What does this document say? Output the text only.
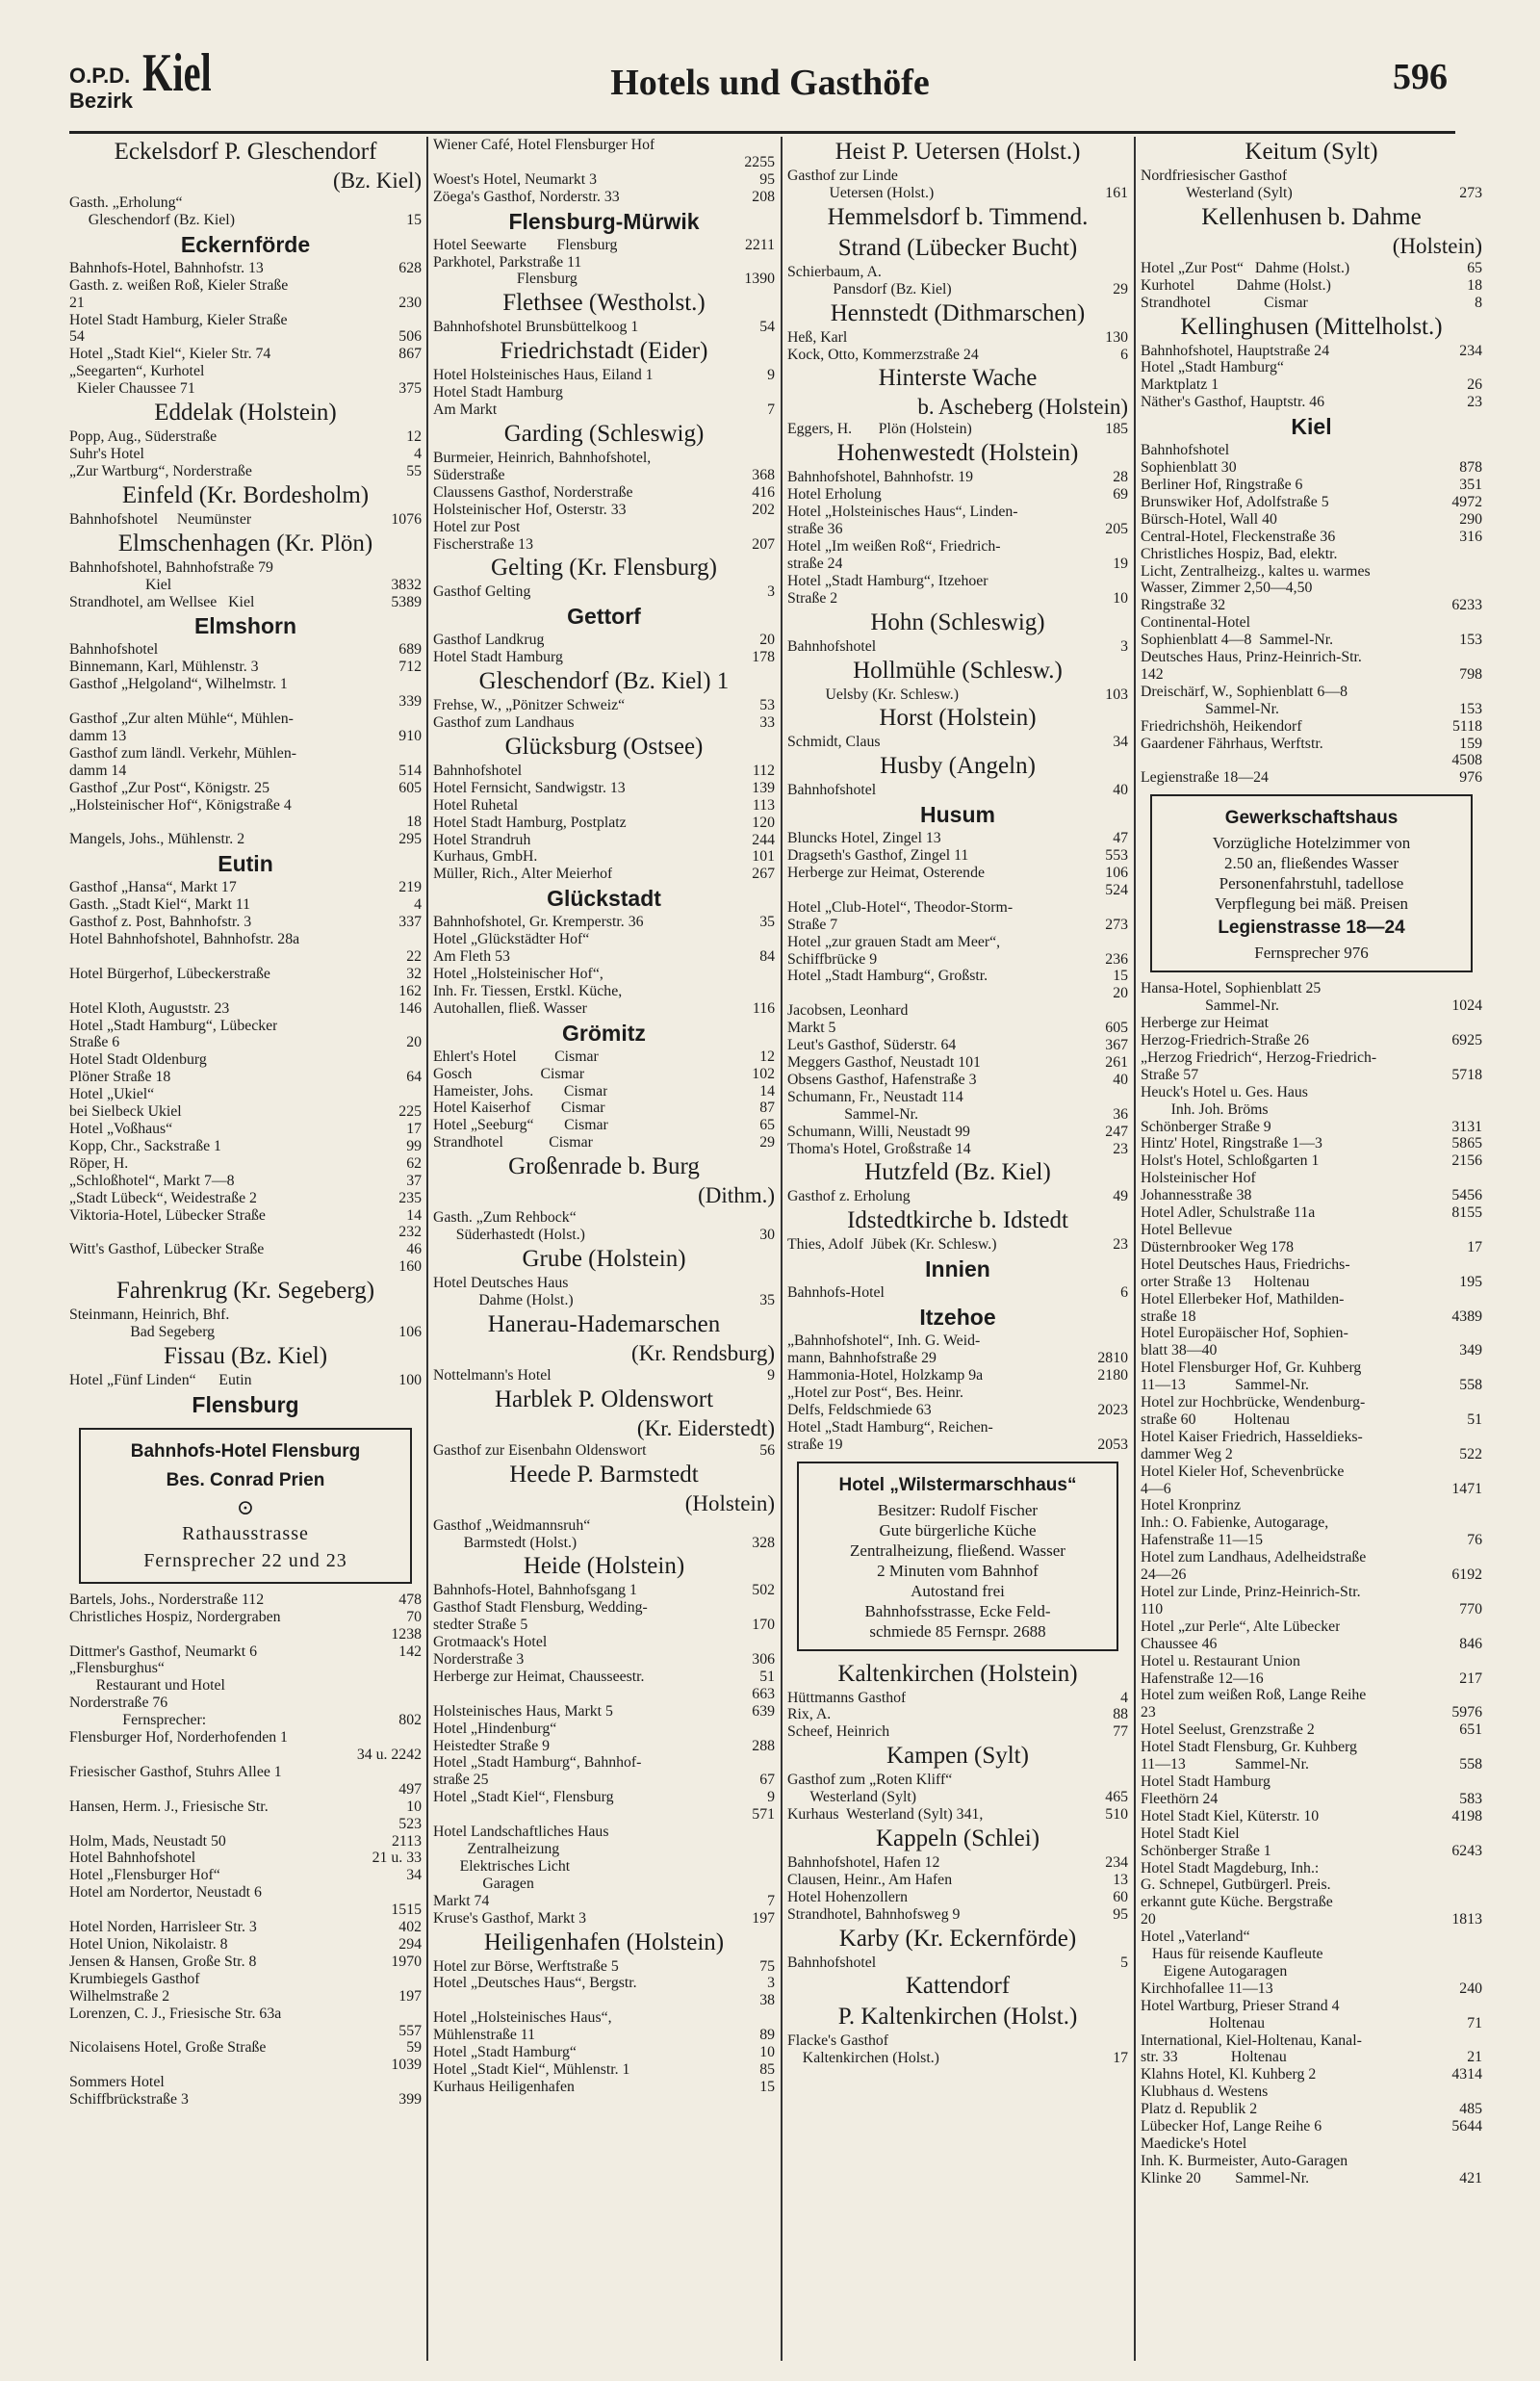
O.P.D.
Bezirk Kiel	Hotels und Gasthöfe	596
Eckelsdorf P. Gleschendorf
(Bz. Kiel)
Gasth. „Erholung“
Gleschendorf (Bz. Kiel)	15
Eckernförde
Bahnhofs-Hotel, Bahnhofstr. 13	628
Gasth. z. weißen Roß, Kieler Straße
21	230
Hotel Stadt Hamburg, Kieler Straße
54	506
Hotel „Stadt Kiel“, Kieler Str. 74	867
„Seegarten“, Kurhotel
Kieler Chaussee 71	375
Eddelak (Holstein)
Popp, Aug., Süderstraße	12
Suhr's Hotel	4
„Zur Wartburg“, Norderstraße	55
Einfeld (Kr. Bordesholm)
Bahnhofshotel     Neumünster	1076
Elmschenhagen (Kr. Plön)
Bahnhofshotel, Bahnhofstraße 79
Kiel	3832
Strandhotel, am Wellsee   Kiel	5389
Elmshorn
Bahnhofshotel	689
Binnemann, Karl, Mühlenstr. 3	712
Gasthof „Helgoland“, Wilhelmstr. 1
339
Gasthof „Zur alten Mühle“, Mühlen-
damm 13	910
Gasthof zum ländl. Verkehr, Mühlen-
damm 14	514
Gasthof „Zur Post“, Königstr. 25	605
„Holsteinischer Hof“, Königstraße 4
18
Mangels, Johs., Mühlenstr. 2	295
Eutin
Gasthof „Hansa“, Markt 17	219
Gasth. „Stadt Kiel“, Markt 11	4
Gasthof z. Post, Bahnhofstr. 3	337
Hotel Bahnhofshotel, Bahnhofstr. 28a
22
Hotel Bürgerhof, Lübeckerstraße	32
162
Hotel Kloth, Auguststr. 23	146
Hotel „Stadt Hamburg“, Lübecker
Straße 6	20
Hotel Stadt Oldenburg
Plöner Straße 18	64
Hotel „Ukiel“
bei Sielbeck Ukiel	225
Hotel „Voßhaus“	17
Kopp, Chr., Sackstraße 1	99
Röper, H.	62
„Schloßhotel“, Markt 7—8	37
„Stadt Lübeck“, Weidestraße 2	235
Viktoria-Hotel, Lübecker Straße	14
232
Witt's Gasthof, Lübecker Straße	46
160
Fahrenkrug (Kr. Segeberg)
Steinmann, Heinrich, Bhf.
Bad Segeberg	106
Fissau (Bz. Kiel)
Hotel „Fünf Linden“      Eutin	100
Flensburg
Bahnhofs-Hotel Flensburg
Bes. Conrad Prien
⊙
Rathausstrasse
Fernsprecher 22 und 23
Bartels, Johs., Norderstraße 112	478
Christliches Hospiz, Nordergraben	70
1238
Dittmer's Gasthof, Neumarkt 6	142
„Flensburghus“
Restaurant und Hotel
Norderstraße 76
Fernsprecher:	802
Flensburger Hof, Norderhofenden 1
34 u. 2242
Friesischer Gasthof, Stuhrs Allee 1
497
Hansen, Herm. J., Friesische Str.	10
523
Holm, Mads, Neustadt 50	2113
Hotel Bahnhofshotel	21 u. 33
Hotel „Flensburger Hof“	34
Hotel am Nordertor, Neustadt 6
1515
Hotel Norden, Harrisleer Str. 3	402
Hotel Union, Nikolaistr. 8	294
Jensen & Hansen, Große Str. 8	1970
Krumbiegels Gasthof
Wilhelmstraße 2	197
Lorenzen, C. J., Friesische Str. 63a
557
Nicolaisens Hotel, Große Straße	59
1039
Sommers Hotel
Schiffbrückstraße 3	399
Wiener Café, Hotel Flensburger Hof
2255
Woest's Hotel, Neumarkt 3	95
Zöega's Gasthof, Norderstr. 33	208
Flensburg-Mürwik
Hotel Seewarte        Flensburg	2211
Parkhotel, Parkstraße 11
Flensburg	1390
Flethsee (Westholst.)
Bahnhofshotel Brunsbüttelkoog 1	54
Friedrichstadt (Eider)
Hotel Holsteinisches Haus, Eiland 1	9
Hotel Stadt Hamburg
Am Markt	7
Garding (Schleswig)
Burmeier, Heinrich, Bahnhofshotel,
Süderstraße	368
Claussens Gasthof, Norderstraße	416
Holsteinischer Hof, Osterstr. 33	202
Hotel zur Post
Fischerstraße 13	207
Gelting (Kr. Flensburg)
Gasthof Gelting	3
Gettorf
Gasthof Landkrug	20
Hotel Stadt Hamburg	178
Gleschendorf (Bz. Kiel) 1
Frehse, W., „Pönitzer Schweiz“	53
Gasthof zum Landhaus	33
Glücksburg (Ostsee)
Bahnhofshotel	112
Hotel Fernsicht, Sandwigstr. 13	139
Hotel Ruhetal	113
Hotel Stadt Hamburg, Postplatz	120
Hotel Strandruh	244
Kurhaus, GmbH.	101
Müller, Rich., Alter Meierhof	267
Glückstadt
Bahnhofshotel, Gr. Kremperstr. 36	35
Hotel „Glückstädter Hof“
Am Fleth 53	84
Hotel „Holsteinischer Hof“,
Inh. Fr. Tiessen, Erstkl. Küche,
Autohallen, fließ. Wasser	116
Grömitz
Ehlert's Hotel          Cismar	12
Gosch                  Cismar	102
Hameister, Johs.        Cismar	14
Hotel Kaiserhof        Cismar	87
Hotel „Seeburg“        Cismar	65
Strandhotel            Cismar	29
Großenrade b. Burg
(Dithm.)
Gasth. „Zum Rehbock“
Süderhastedt (Holst.)	30
Grube (Holstein)
Hotel Deutsches Haus
Dahme (Holst.)	35
Hanerau-Hademarschen
(Kr. Rendsburg)
Nottelmann's Hotel	9
Harblek P. Oldenswort
(Kr. Eiderstedt)
Gasthof zur Eisenbahn Oldenswort	56
Heede P. Barmstedt
(Holstein)
Gasthof „Weidmannsruh“
Barmstedt (Holst.)	328
Heide (Holstein)
Bahnhofs-Hotel, Bahnhofsgang 1	502
Gasthof Stadt Flensburg, Wedding-
stedter Straße 5	170
Grotmaack's Hotel
Norderstraße 3	306
Herberge zur Heimat, Chausseestr.	51
663
Holsteinisches Haus, Markt 5	639
Hotel „Hindenburg“
Heistedter Straße 9	288
Hotel „Stadt Hamburg“, Bahnhof-
straße 25	67
Hotel „Stadt Kiel“, Flensburg	9
571
Hotel Landschaftliches Haus
Zentralheizung
Elektrisches Licht
Garagen
Markt 74	7
Kruse's Gasthof, Markt 3	197
Heiligenhafen (Holstein)
Hotel zur Börse, Werftstraße 5	75
Hotel „Deutsches Haus“, Bergstr.	3
38
Hotel „Holsteinisches Haus“,
Mühlenstraße 11	89
Hotel „Stadt Hamburg“	10
Hotel „Stadt Kiel“, Mühlenstr. 1	85
Kurhaus Heiligenhafen	15
Heist P. Uetersen (Holst.)
Gasthof zur Linde
Uetersen (Holst.)	161
Hemmelsdorf b. Timmend.
Strand (Lübecker Bucht)
Schierbaum, A.
Pansdorf (Bz. Kiel)	29
Hennstedt (Dithmarschen)
Heß, Karl	130
Kock, Otto, Kommerzstraße 24	6
Hinterste Wache
b. Ascheberg (Holstein)
Eggers, H.       Plön (Holstein)	185
Hohenwestedt (Holstein)
Bahnhofshotel, Bahnhofstr. 19	28
Hotel Erholung	69
Hotel „Holsteinisches Haus“, Linden-
straße 36	205
Hotel „Im weißen Roß“, Friedrich-
straße 24	19
Hotel „Stadt Hamburg“, Itzehoer
Straße 2	10
Hohn (Schleswig)
Bahnhofshotel	3
Hollmühle (Schlesw.)
Uelsby (Kr. Schlesw.)	103
Horst (Holstein)
Schmidt, Claus	34
Husby (Angeln)
Bahnhofshotel	40
Husum
Bluncks Hotel, Zingel 13	47
Dragseth's Gasthof, Zingel 11	553
Herberge zur Heimat, Osterende	106
524
Hotel „Club-Hotel“, Theodor-Storm-
Straße 7	273
Hotel „zur grauen Stadt am Meer“,
Schiffbrücke 9	236
Hotel „Stadt Hamburg“, Großstr.	15
20
Jacobsen, Leonhard
Markt 5	605
Leut's Gasthof, Süderstr. 64	367
Meggers Gasthof, Neustadt 101	261
Obsens Gasthof, Hafenstraße 3	40
Schumann, Fr., Neustadt 114
Sammel-Nr.	36
Schumann, Willi, Neustadt 99	247
Thoma's Hotel, Großstraße 14	23
Hutzfeld (Bz. Kiel)
Gasthof z. Erholung	49
Idstedtkirche b. Idstedt
Thies, Adolf  Jübek (Kr. Schlesw.)	23
Innien
Bahnhofs-Hotel	6
Itzehoe
„Bahnhofshotel“, Inh. G. Weid-
mann, Bahnhofstraße 29	2810
Hammonia-Hotel, Holzkamp 9a	2180
„Hotel zur Post“, Bes. Heinr.
Delfs, Feldschmiede 63	2023
Hotel „Stadt Hamburg“, Reichen-
straße 19	2053
Hotel „Wilstermarschhaus“
Besitzer: Rudolf Fischer
Gute bürgerliche Küche
Zentralheizung, fließend. Wasser
2 Minuten vom Bahnhof
Autostand frei
Bahnhofsstrasse, Ecke Feld-
schmiede 85 Fernspr. 2688
Kaltenkirchen (Holstein)
Hüttmanns Gasthof	4
Rix, A.	88
Scheef, Heinrich	77
Kampen (Sylt)
Gasthof zum „Roten Kliff“
Westerland (Sylt)	465
Kurhaus  Westerland (Sylt) 341,	510
Kappeln (Schlei)
Bahnhofshotel, Hafen 12	234
Clausen, Heinr., Am Hafen	13
Hotel Hohenzollern	60
Strandhotel, Bahnhofsweg 9	95
Karby (Kr. Eckernförde)
Bahnhofshotel	5
Kattendorf
P. Kaltenkirchen (Holst.)
Flacke's Gasthof
Kaltenkirchen (Holst.)	17
Keitum (Sylt)
Nordfriesischer Gasthof
Westerland (Sylt)	273
Kellenhusen b. Dahme
(Holstein)
Hotel „Zur Post“   Dahme (Holst.)	65
Kurhotel           Dahme (Holst.)	18
Strandhotel              Cismar	8
Kellinghusen (Mittelholst.)
Bahnhofshotel, Hauptstraße 24	234
Hotel „Stadt Hamburg“
Marktplatz 1	26
Näther's Gasthof, Hauptstr. 46	23
Kiel
Bahnhofshotel
Sophienblatt 30	878
Berliner Hof, Ringstraße 6	351
Brunswiker Hof, Adolfstraße 5	4972
Bürsch-Hotel, Wall 40	290
Central-Hotel, Fleckenstraße 36	316
Christliches Hospiz, Bad, elektr.
Licht, Zentralheizg., kaltes u. warmes
Wasser, Zimmer 2,50—4,50
Ringstraße 32	6233
Continental-Hotel
Sophienblatt 4—8  Sammel-Nr.	153
Deutsches Haus, Prinz-Heinrich-Str.
142	798
Dreischärf, W., Sophienblatt 6—8
Sammel-Nr.	153
Friedrichshöh, Heikendorf	5118
Gaardener Fährhaus, Werftstr.	159
4508
Legienstraße 18—24	976
Gewerkschaftshaus
Vorzügliche Hotelzimmer von
2.50 an, fließendes Wasser
Personenfahrstuhl, tadellose
Verpflegung bei mäß. Preisen
Legienstrasse 18—24
Fernsprecher 976
Hansa-Hotel, Sophienblatt 25
Sammel-Nr.	1024
Herberge zur Heimat
Herzog-Friedrich-Straße 26	6925
„Herzog Friedrich“, Herzog-Friedrich-
Straße 57	5718
Heuck's Hotel u. Ges. Haus
Inh. Joh. Bröms
Schönberger Straße 9	3131
Hintz' Hotel, Ringstraße 1—3	5865
Holst's Hotel, Schloßgarten 1	2156
Holsteinischer Hof
Johannesstraße 38	5456
Hotel Adler, Schulstraße 11a	8155
Hotel Bellevue
Düsternbrooker Weg 178	17
Hotel Deutsches Haus, Friedrichs-
orter Straße 13      Holtenau	195
Hotel Ellerbeker Hof, Mathilden-
straße 18	4389
Hotel Europäischer Hof, Sophien-
blatt 38—40	349
Hotel Flensburger Hof, Gr. Kuhberg
11—13             Sammel-Nr.	558
Hotel zur Hochbrücke, Wendenburg-
straße 60          Holtenau	51
Hotel Kaiser Friedrich, Hasseldieks-
dammer Weg 2	522
Hotel Kieler Hof, Schevenbrücke
4—6	1471
Hotel Kronprinz
Inh.: O. Fabienke, Autogarage,
Hafenstraße 11—15	76
Hotel zum Landhaus, Adelheidstraße
24—26	6192
Hotel zur Linde, Prinz-Heinrich-Str.
110	770
Hotel „zur Perle“, Alte Lübecker
Chaussee 46	846
Hotel u. Restaurant Union
Hafenstraße 12—16	217
Hotel zum weißen Roß, Lange Reihe
23	5976
Hotel Seelust, Grenzstraße 2	651
Hotel Stadt Flensburg, Gr. Kuhberg
11—13             Sammel-Nr.	558
Hotel Stadt Hamburg
Fleethörn 24	583
Hotel Stadt Kiel, Küterstr. 10	4198
Hotel Stadt Kiel
Schönberger Straße 1	6243
Hotel Stadt Magdeburg, Inh.:
G. Schnepel, Gutbürgerl. Preis.
erkannt gute Küche. Bergstraße
20	1813
Hotel „Vaterland“
Haus für reisende Kaufleute
Eigene Autogaragen
Kirchhofallee 11—13	240
Hotel Wartburg, Prieser Strand 4
Holtenau	71
International, Kiel-Holtenau, Kanal-
str. 33              Holtenau	21
Klahns Hotel, Kl. Kuhberg 2	4314
Klubhaus d. Westens
Platz d. Republik 2	485
Lübecker Hof, Lange Reihe 6	5644
Maedicke's Hotel
Inh. K. Burmeister, Auto-Garagen
Klinke 20         Sammel-Nr.	421
